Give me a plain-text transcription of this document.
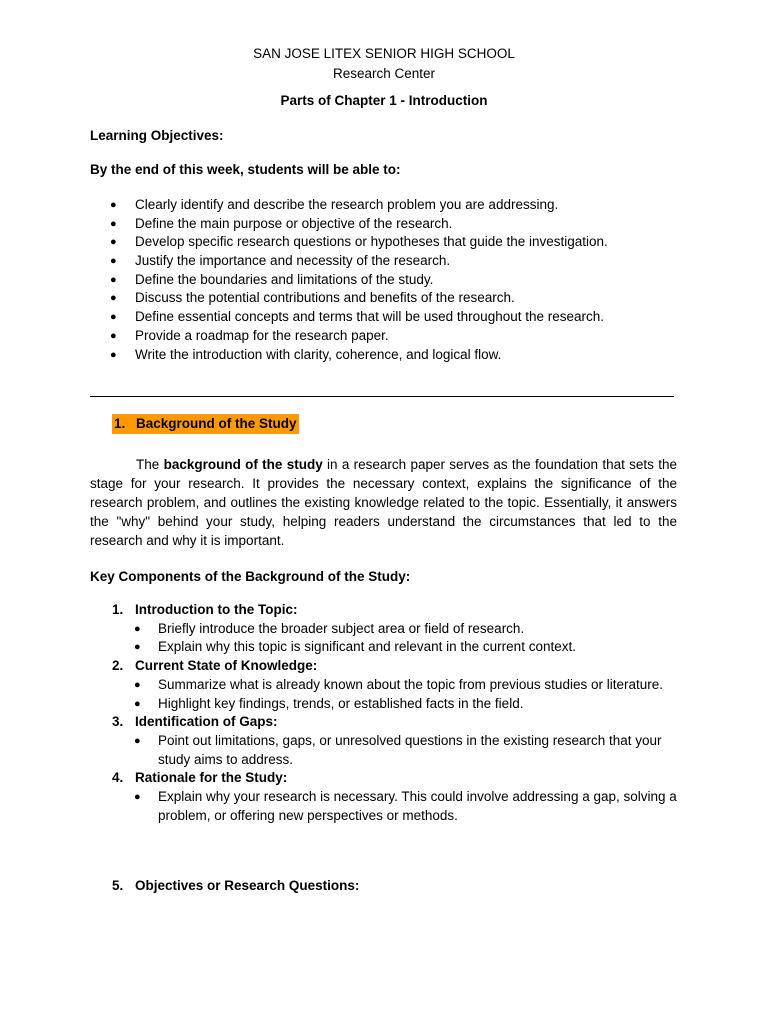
SAN JOSE LITEX SENIOR HIGH SCHOOL
Research Center
Parts of Chapter 1 - Introduction
Learning Objectives:
By the end of this week, students will be able to:
● Clearly identify and describe the research problem you are addressing.
● Define the main purpose or objective of the research.
● Develop specific research questions or hypotheses that guide the investigation.
● Justify the importance and necessity of the research.
● Define the boundaries and limitations of the study.
● Discuss the potential contributions and benefits of the research.
● Define essential concepts and terms that will be used throughout the research.
● Provide a roadmap for the research paper.
● Write the introduction with clarity, coherence, and logical flow.
1. Background of the Study

The background of the study in a research paper serves as the foundation that sets the stage for your research. It provides the necessary context, explains the significance of the research problem, and outlines the existing knowledge related to the topic. Essentially, it answers the "why" behind your study, helping readers understand the circumstances that led to the research and why it is important.

Key Components of the Background of the Study:
1. Introduction to the Topic:
● Briefly introduce the broader subject area or field of research.
● Explain why this topic is significant and relevant in the current context.
2. Current State of Knowledge:
● Summarize what is already known about the topic from previous studies or literature.
● Highlight key findings, trends, or established facts in the field.
3. Identification of Gaps:
● Point out limitations, gaps, or unresolved questions in the existing research that your study aims to address.
4. Rationale for the Study:
● Explain why your research is necessary. This could involve addressing a gap, solving a problem, or offering new perspectives or methods.
5. Objectives or Research Questions:
